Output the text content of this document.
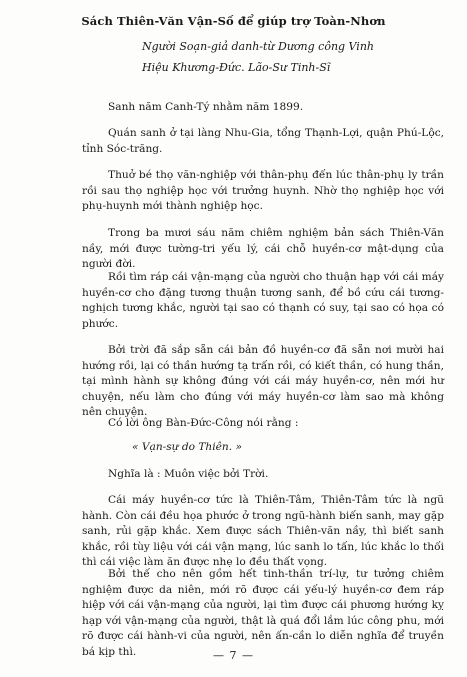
Sách Thiên-Văn Vận-Số để giúp trợ Toàn-Nhơn
Người Soạn-giả danh-từ Dương công Vinh
Hiệu Khương-Đức. Lão-Sư Tinh-Sĩ

Sanh năm Canh-Tý nhằm năm 1899.

Quán sanh ở tại làng Nhu-Gia, tổng Thạnh-Lợi, quận Phú-Lộc, tỉnh Sóc-trăng.

Thuở bé thọ văn-nghiệp với thân-phụ đến lúc thân-phụ ly trần rồi sau thọ nghiệp học với trưởng huynh. Nhờ thọ nghiệp học với phụ-huynh mới thành nghiệp học.

Trong ba mươi sáu năm chiêm nghiệm bản sách Thiên-Văn nầy, mới được tường-tri yếu lý, cái chỗ huyền-cơ mật-dụng của người đời.

Rồi tìm ráp cái vận-mạng của người cho thuận hạp với cái máy huyền-cơ cho đặng tương thuận tương sanh, để bồ cứu cái tương-nghịch tương khắc, người tại sao có thạnh có suy, tại sao có họa có phước.

Bởi trời đã sắp sẵn cái bản đồ huyền-cơ đã sẵn nơi mười hai hướng rồi, lại có thần hướng tạ trấn rồi, có kiết thần, có hung thần, tại mình hành sự không đúng với cái máy huyền-cơ, nên mới hư chuyện, nếu làm cho đúng với máy huyền-cơ làm sao mà không nên chuyện.

Có lời ông Bàn-Đức-Công nói rằng :

« Vạn-sự do Thiên. »

Nghĩa là : Muôn việc bởi Trời.

Cái máy huyền-cơ tức là Thiên-Tâm, Thiên-Tâm tức là ngũ hành. Còn cái đều họa phước ở trong ngũ-hành biến sanh, may gặp sanh, rủi gặp khắc. Xem được sách Thiên-văn nầy, thì biết sanh khắc, rồi tùy liệu với cái vận mạng, lúc sanh lo tấn, lúc khắc lo thối thì cái việc làm ăn được nhẹ lo đều thất vọng.

Bởi thế cho nên gồm hết tinh-thần trí-lự, tư tưởng chiêm nghiệm được da niên, mới rõ được cái yếu-lý huyền-cơ đem ráp hiệp với cái vận-mạng của người, lại tìm được cái phương hướng kỵ hạp với vận-mạng của người, thật là quá đổi lắm lúc công phu, mới rõ được cái hành-vi của người, nên ấn-cần lo diễn nghĩa để truyền bá kịp thì.	— 7 —
